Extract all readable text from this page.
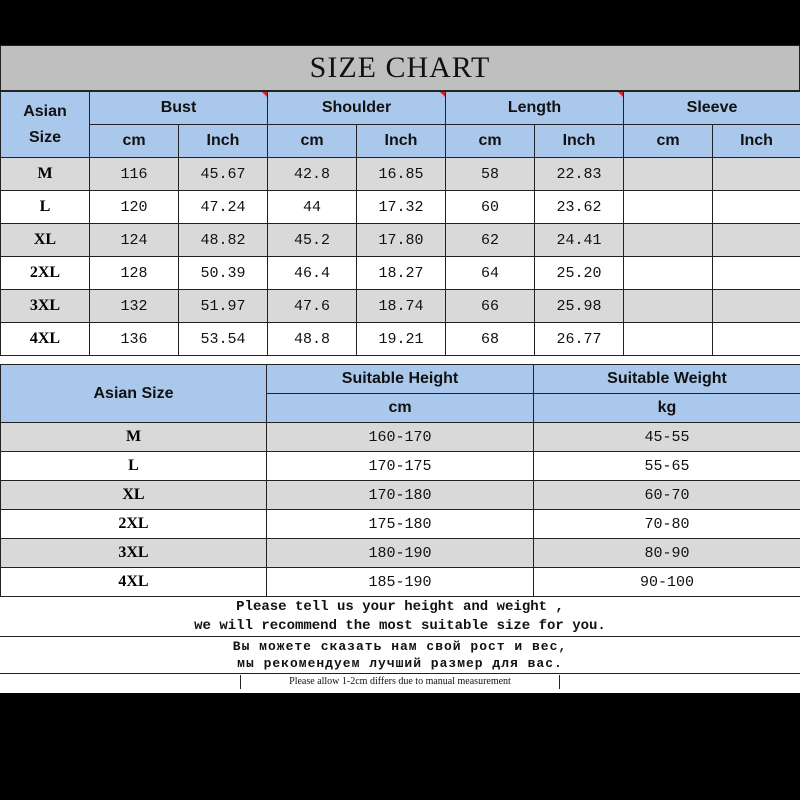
SIZE CHART
Asian
Size	Bust		Shoulder		Length		Sleeve	
	cm	Inch	cm	Inch	cm	Inch	cm	Inch
M	116	45.67	42.8	16.85	58	22.83		
L	120	47.24	44	17.32	60	23.62		
XL	124	48.82	45.2	17.80	62	24.41		
2XL	128	50.39	46.4	18.27	64	25.20		
3XL	132	51.97	47.6	18.74	66	25.98		
4XL	136	53.54	48.8	19.21	68	26.77		
Asian Size	Suitable Height	Suitable Weight
	cm	kg
M	160-170	45-55
L	170-175	55-65
XL	170-180	60-70
2XL	175-180	70-80
3XL	180-190	80-90
4XL	185-190	90-100
Please tell us your height and weight ,
we will recommend the most suitable size for you.
Вы можете сказать нам свой рост и вес,
мы рекомендуем лучший размер для вас.
Please allow 1-2cm differs due to manual measurement
